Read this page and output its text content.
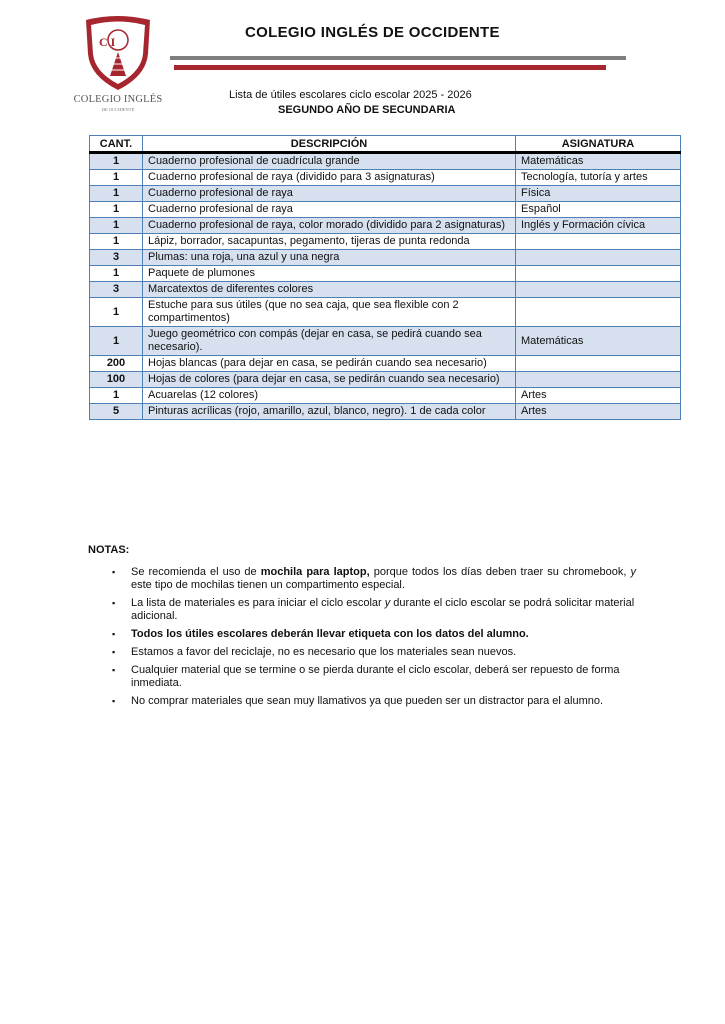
C I
COLEGIO INGLÉS
DE OCCIDENTE
COLEGIO INGLÉS DE OCCIDENTE
Lista de útiles escolares ciclo escolar 2025 - 2026
SEGUNDO AÑO DE SECUNDARIA
CANT.	DESCRIPCIÓN	ASIGNATURA
1	Cuaderno profesional de cuadrícula grande	Matemáticas
1	Cuaderno profesional de raya (dividido para 3 asignaturas)	Tecnología, tutoría y artes
1	Cuaderno profesional de raya	Física
1	Cuaderno profesional de raya	Español
1	Cuaderno profesional de raya, color morado (dividido para 2 asignaturas)	Inglés y Formación cívica
1	Lápiz, borrador, sacapuntas, pegamento, tijeras de punta redonda	
3	Plumas: una roja, una azul y una negra	
1	Paquete de plumones	
3	Marcatextos de diferentes colores	
1	Estuche para sus útiles (que no sea caja, que sea flexible con 2 compartimentos)	
1	Juego geométrico con compás (dejar en casa, se pedirá cuando sea necesario).	Matemáticas
200	Hojas blancas (para dejar en casa, se pedirán cuando sea necesario)	
100	Hojas de colores (para dejar en casa, se pedirán cuando sea necesario)	
1	Acuarelas (12 colores)	Artes
5	Pinturas acrílicas (rojo, amarillo, azul, blanco, negro). 1 de cada color	Artes
NOTAS:
▪ Se recomienda el uso de mochila para laptop, porque todos los días deben traer su chromebook, y este tipo de mochilas tienen un compartimento especial.
▪ La lista de materiales es para iniciar el ciclo escolar y durante el ciclo escolar se podrá solicitar material adicional.
▪ Todos los útiles escolares deberán llevar etiqueta con los datos del alumno.
▪ Estamos a favor del reciclaje, no es necesario que los materiales sean nuevos.
▪ Cualquier material que se termine o se pierda durante el ciclo escolar, deberá ser repuesto de forma inmediata.
▪ No comprar materiales que sean muy llamativos ya que pueden ser un distractor para el alumno.
